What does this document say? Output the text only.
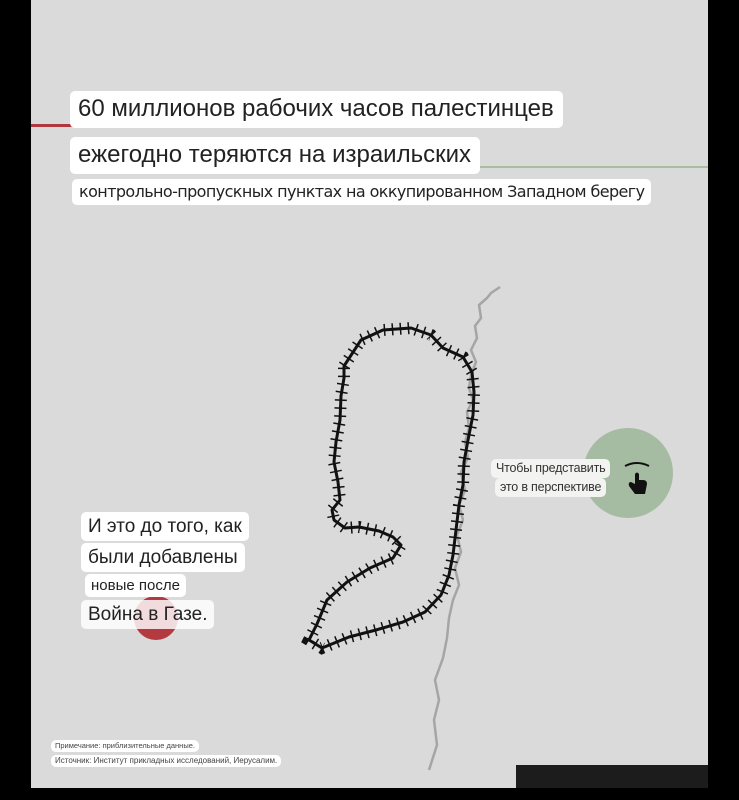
60 миллионов рабочих часов палестинцев
ежегодно теряются на израильских
контрольно-пропускных пунктах на оккупированном Западном берегу
И это до того, как
были добавлены
новые после
Война в Газе.
Чтобы представить
это в перспективе
Примечание: приблизительные данные.
Источник: Институт прикладных исследований, Иерусалим.
